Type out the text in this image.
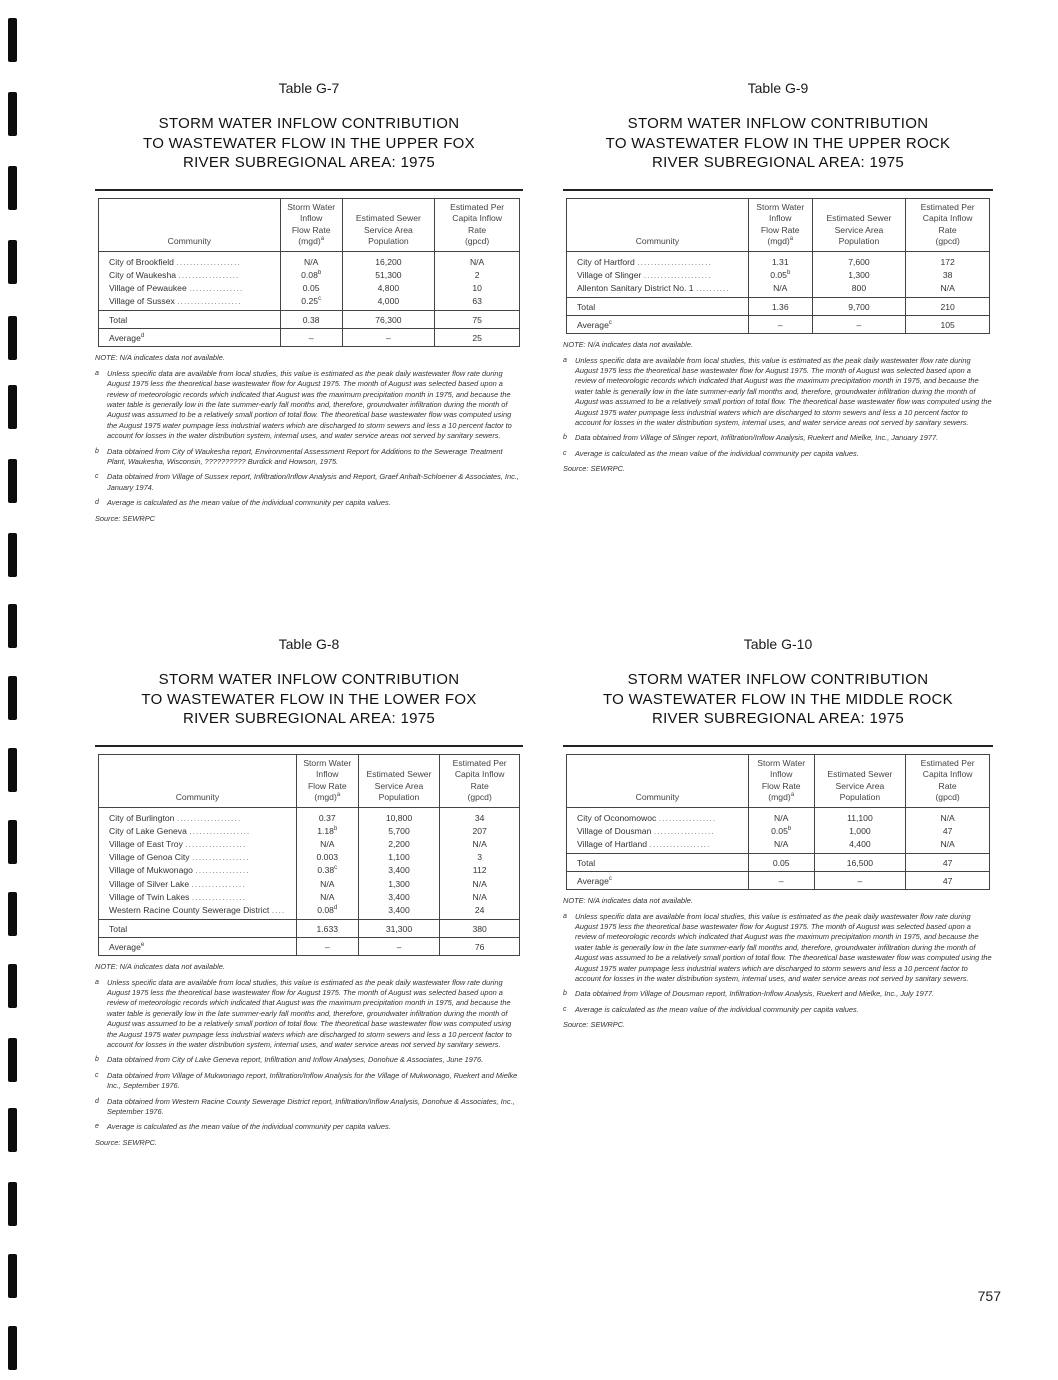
Table G-7
STORM WATER INFLOW CONTRIBUTION
TO WASTEWATER FLOW IN THE UPPER FOX
RIVER SUBREGIONAL AREA: 1975
Community	Storm Water
Inflow
Flow Rate
(mgd)$^a$	Estimated Sewer
Service Area
Population	Estimated Per
Capita Inflow
Rate
(gpcd)
City of Brookfield ...................	N/A	16,200	N/A
City of Waukesha ..................	0.08$^b$	51,300	2
Village of Pewaukee ................	0.05	4,800	10
Village of Sussex ...................	0.25$^c$	4,000	63
Total	0.38	76,300	75
Average$^d$	–	–	25

NOTE: N/A indicates data not available.

a	Unless specific data are available from local studies, this value is estimated as the peak daily wastewater flow rate during August 1975 less the theoretical base wastewater flow for August 1975. The month of August was selected based upon a review of meteorologic records which indicated that August was the maximum precipitation month in 1975, and because the water table is generally low in the late summer-early fall months and, therefore, groundwater infiltration during the month of August was assumed to be a relatively small portion of total flow. The theoretical base wastewater flow was computed using the August 1975 water pumpage less industrial waters which are discharged to storm sewers and less a 10 percent factor to account for losses in the water distribution system, internal uses, and water service areas not served by sanitary sewers.
b	Data obtained from City of Waukesha report, Environmental Assessment Report for Additions to the Sewerage Treatment Plant, Waukesha, Wisconsin, ?????????? Burdick and Howson, 1975.
c	Data obtained from Village of Sussex report, Infiltration/Inflow Analysis and Report, Graef Anhalt-Schloener & Associates, Inc., January 1974.
d	Average is calculated as the mean value of the individual community per capita values.

Source: SEWRPC

Table G-9
STORM WATER INFLOW CONTRIBUTION
TO WASTEWATER FLOW IN THE UPPER ROCK
RIVER SUBREGIONAL AREA: 1975
Community	Storm Water
Inflow
Flow Rate
(mgd)$^a$	Estimated Sewer
Service Area
Population	Estimated Per
Capita Inflow
Rate
(gpcd)
City of Hartford ......................	1.31	7,600	172
Village of Slinger ....................	0.05$^b$	1,300	38
Allenton Sanitary District No. 1 ..........	N/A	800	N/A
Total	1.36	9,700	210
Average$^c$	–	–	105

NOTE: N/A indicates data not available.

a	Unless specific data are available from local studies, this value is estimated as the peak daily wastewater flow rate during August 1975 less the theoretical base wastewater flow for August 1975. The month of August was selected based upon a review of meteorologic records which indicated that August was the maximum precipitation month in 1975, and because the water table is generally low in the late summer-early fall months and, therefore, groundwater infiltration during the month of August was assumed to be a relatively small portion of total flow. The theoretical base wastewater flow was computed using the August 1975 water pumpage less industrial waters which are discharged to storm sewers and less a 10 percent factor to account for losses in the water distribution system, internal uses, and water service areas not served by sanitary sewers.
b	Data obtained from Village of Slinger report, Infiltration/Inflow Analysis, Ruekert and Mielke, Inc., January 1977.
c	Average is calculated as the mean value of the individual community per capita values.

Source: SEWRPC.

Table G-8
STORM WATER INFLOW CONTRIBUTION
TO WASTEWATER FLOW IN THE LOWER FOX
RIVER SUBREGIONAL AREA: 1975
Community	Storm Water
Inflow
Flow Rate
(mgd)$^a$	Estimated Sewer
Service Area
Population	Estimated Per
Capita Inflow
Rate
(gpcd)
City of Burlington ...................	0.37	10,800	34
City of Lake Geneva ..................	1.18$^b$	5,700	207
Village of East Troy ..................	N/A	2,200	N/A
Village of Genoa City .................	0.003	1,100	3
Village of Mukwonago ................	0.38$^c$	3,400	112
Village of Silver Lake ................	N/A	1,300	N/A
Village of Twin Lakes ................	N/A	3,400	N/A
Western Racine County Sewerage District ....	0.08$^d$	3,400	24
Total	1.633	31,300	380
Average$^e$	–	–	76

NOTE: N/A indicates data not available.

a	Unless specific data are available from local studies, this value is estimated as the peak daily wastewater flow rate during August 1975 less the theoretical base wastewater flow for August 1975. The month of August was selected based upon a review of meteorologic records which indicated that August was the maximum precipitation month in 1975, and because the water table is generally low in the late summer-early fall months and, therefore, groundwater infiltration during the month of August was assumed to be a relatively small portion of total flow. The theoretical base wastewater flow was computed using the August 1975 water pumpage less industrial waters which are discharged to storm sewers and less a 10 percent factor to account for losses in the water distribution system, internal uses, and water service areas not served by sanitary sewers.
b	Data obtained from City of Lake Geneva report, Infiltration and Inflow Analyses, Donohue & Associates, June 1976.
c	Data obtained from Village of Mukwonago report, Infiltration/Inflow Analysis for the Village of Mukwonago, Ruekert and Mielke Inc., September 1976.
d	Data obtained from Western Racine County Sewerage District report, Infiltration/Inflow Analysis, Donohue & Associates, Inc., September 1976.
e	Average is calculated as the mean value of the individual community per capita values.

Source: SEWRPC.

Table G-10
STORM WATER INFLOW CONTRIBUTION
TO WASTEWATER FLOW IN THE MIDDLE ROCK
RIVER SUBREGIONAL AREA: 1975
Community	Storm Water
Inflow
Flow Rate
(mgd)$^a$	Estimated Sewer
Service Area
Population	Estimated Per
Capita Inflow
Rate
(gpcd)
City of Oconomowoc .................	N/A	11,100	N/A
Village of Dousman ..................	0.05$^b$	1,000	47
Village of Hartland ..................	N/A	4,400	N/A
Total	0.05	16,500	47
Average$^c$	–	–	47

NOTE: N/A indicates data not available.

a	Unless specific data are available from local studies, this value is estimated as the peak daily wastewater flow rate during August 1975 less the theoretical base wastewater flow for August 1975. The month of August was selected based upon a review of meteorologic records which indicated that August was the maximum precipitation month in 1975, and because the water table is generally low in the late summer-early fall months and, therefore, groundwater infiltration during the month of August was assumed to be a relatively small portion of total flow. The theoretical base wastewater flow was computed using the August 1975 water pumpage less industrial waters which are discharged to storm sewers and less a 10 percent factor to account for losses in the water distribution system, internal uses, and water service areas not served by sanitary sewers.
b	Data obtained from Village of Dousman report, Infiltration-Inflow Analysis, Ruekert and Mielke, Inc., July 1977.
c	Average is calculated as the mean value of the individual community per capita values.

Source: SEWRPC.

757
